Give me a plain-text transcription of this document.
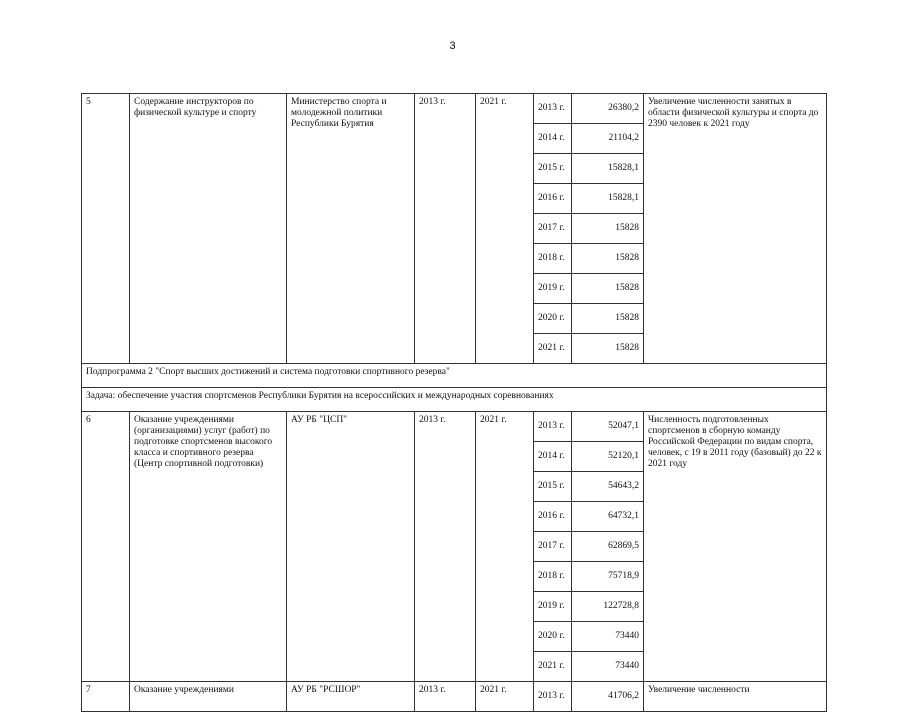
3
5	Содержание инструкторов по физической культуре и спорту	Министерство спорта и молодежной политики Республики Бурятия	2013 г.	2021 г.	2013 г.	26380,2	Увеличение численности занятых в области физической культуры и спорта до 2390 человек к 2021 году
					2014 г.	21104,2	
					2015 г.	15828,1	
					2016 г.	15828,1	
					2017 г.	15828	
					2018 г.	15828	
					2019 г.	15828	
					2020 г.	15828	
					2021 г.	15828	
Подпрограмма 2 "Спорт высших достижений и система подготовки спортивного резерва"							
Задача: обеспечение участия спортсменов Республики Бурятия на всероссийских и международных соревнованиях							
6	Оказание учреждениями (организациями) услуг (работ) по подготовке спортсменов высокого класса и спортивного резерва (Центр спортивной подготовки)	АУ РБ "ЦСП"	2013 г.	2021 г.	2013 г.	52047,1	Численность подготовленных спортсменов в сборную команду Российской Федерации по видам спорта, человек, с 19 в 2011 году (базовый) до 22 к 2021 году
					2014 г.	52120,1	
					2015 г.	54643,2	
					2016 г.	64732,1	
					2017 г.	62869,5	
					2018 г.	75718,9	
					2019 г.	122728,8	
					2020 г.	73440	
					2021 г.	73440	
7	Оказание учреждениями	АУ РБ "РСШОР"	2013 г.	2021 г.	2013 г.	41706,2	Увеличение численности
